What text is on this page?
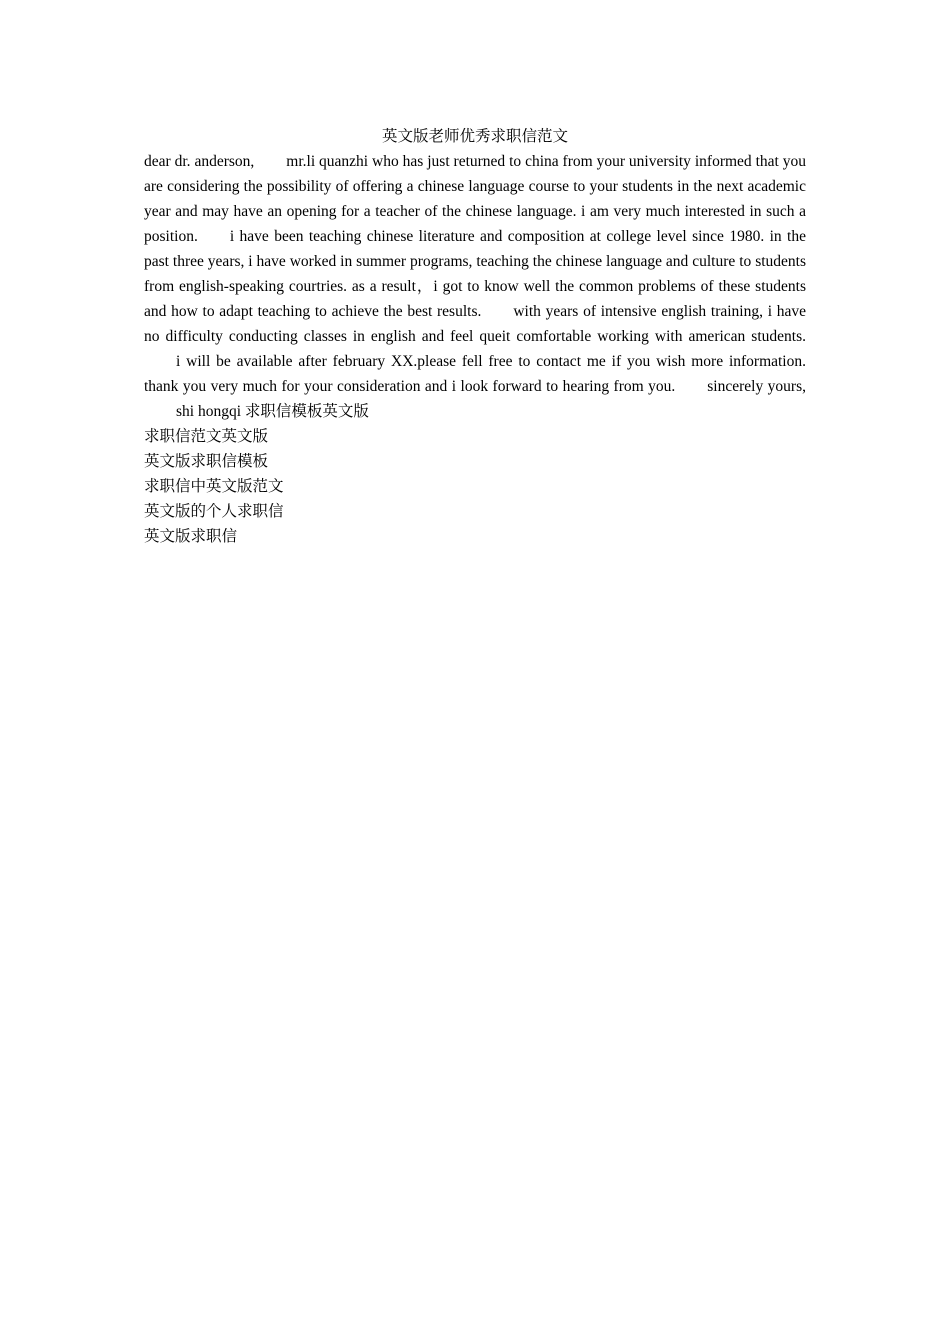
英文版老师优秀求职信范文

dear dr. anderson, mr.li quanzhi who has just returned to china from your university informed that you are considering the possibility of offering a chinese language course to your students in the next academic year and may have an opening for a teacher of the chinese language. i am very much interested in such a position. i have been teaching chinese literature and composition at college level since 1980. in the past three years, i have worked in summer programs, teaching the chinese language and culture to students from english-speaking courtries. as a result，i got to know well the common problems of these students and how to adapt teaching to achieve the best results. with years of intensive english training, i have no difficulty conducting classes in english and feel queit comfortable working with american students.i will be available after february XX.please fell free to contact me if you wish more information. thank you very much for your consideration and i look forward to hearing from you. sincerely yours,shi hongqi 求职信模板英文版

求职信范文英文版
英文版求职信模板
求职信中英文版范文
英文版的个人求职信
英文版求职信
